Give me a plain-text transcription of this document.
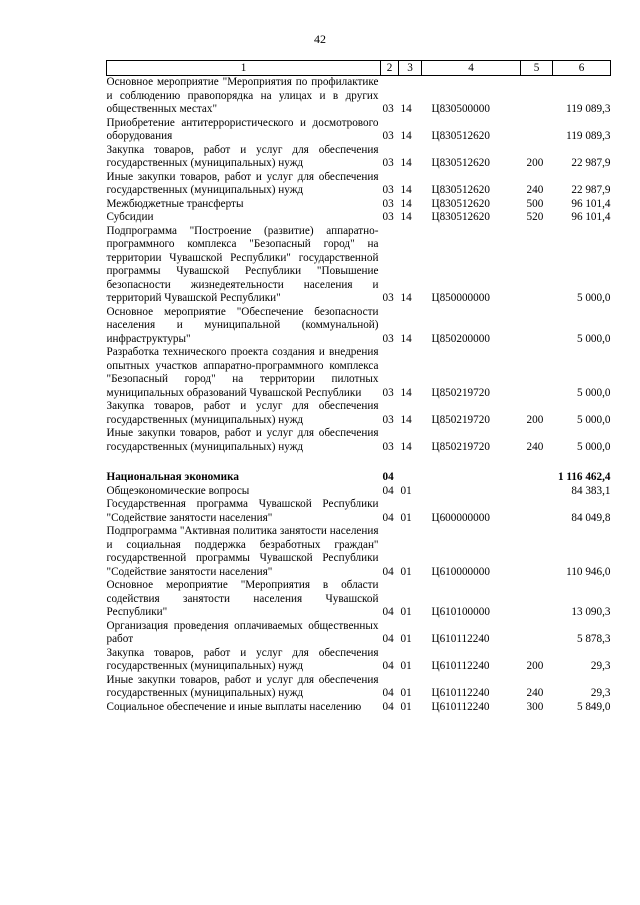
42
1	2	3	4	5	6
Основное мероприятие "Мероприятия по профилактике и соблюдению правопорядка на улицах и в других общественных местах"	03	14	Ц830500000		119 089,3
Приобретение антитеррористического и досмотрового оборудования	03	14	Ц830512620		119 089,3
Закупка товаров, работ и услуг для обеспечения государственных (муниципальных) нужд	03	14	Ц830512620	200	22 987,9
Иные закупки товаров, работ и услуг для обеспечения государственных (муниципальных) нужд	03	14	Ц830512620	240	22 987,9
Межбюджетные трансферты	03	14	Ц830512620	500	96 101,4
Субсидии	03	14	Ц830512620	520	96 101,4
Подпрограмма "Построение (развитие) аппаратно-программного комплекса "Безопасный город" на территории Чувашской Республики" государственной программы Чувашской Республики "Повышение безопасности жизнедеятельности населения и территорий Чувашской Республики"	03	14	Ц850000000		5 000,0
Основное мероприятие "Обеспечение безопасности населения и муниципальной (коммунальной) инфраструктуры"	03	14	Ц850200000		5 000,0
Разработка технического проекта создания и внедрения опытных участков аппаратно-программного комплекса "Безопасный город" на территории пилотных муниципальных образований Чувашской Республики	03	14	Ц850219720		5 000,0
Закупка товаров, работ и услуг для обеспечения государственных (муниципальных) нужд	03	14	Ц850219720	200	5 000,0
Иные закупки товаров, работ и услуг для обеспечения государственных (муниципальных) нужд	03	14	Ц850219720	240	5 000,0

Национальная экономика	04				1 116 462,4
Общеэкономические вопросы	04	01			84 383,1
Государственная программа Чувашской Республики "Содействие занятости населения"	04	01	Ц600000000		84 049,8
Подпрограмма "Активная политика занятости населения и социальная поддержка безработных граждан" государственной программы Чувашской Республики "Содействие занятости населения"	04	01	Ц610000000		110 946,0
Основное мероприятие "Мероприятия в области содействия занятости населения Чувашской Республики"	04	01	Ц610100000		13 090,3
Организация проведения оплачиваемых общественных работ	04	01	Ц610112240		5 878,3
Закупка товаров, работ и услуг для обеспечения государственных (муниципальных) нужд	04	01	Ц610112240	200	29,3
Иные закупки товаров, работ и услуг для обеспечения государственных (муниципальных) нужд	04	01	Ц610112240	240	29,3
Социальное обеспечение и иные выплаты населению	04	01	Ц610112240	300	5 849,0
